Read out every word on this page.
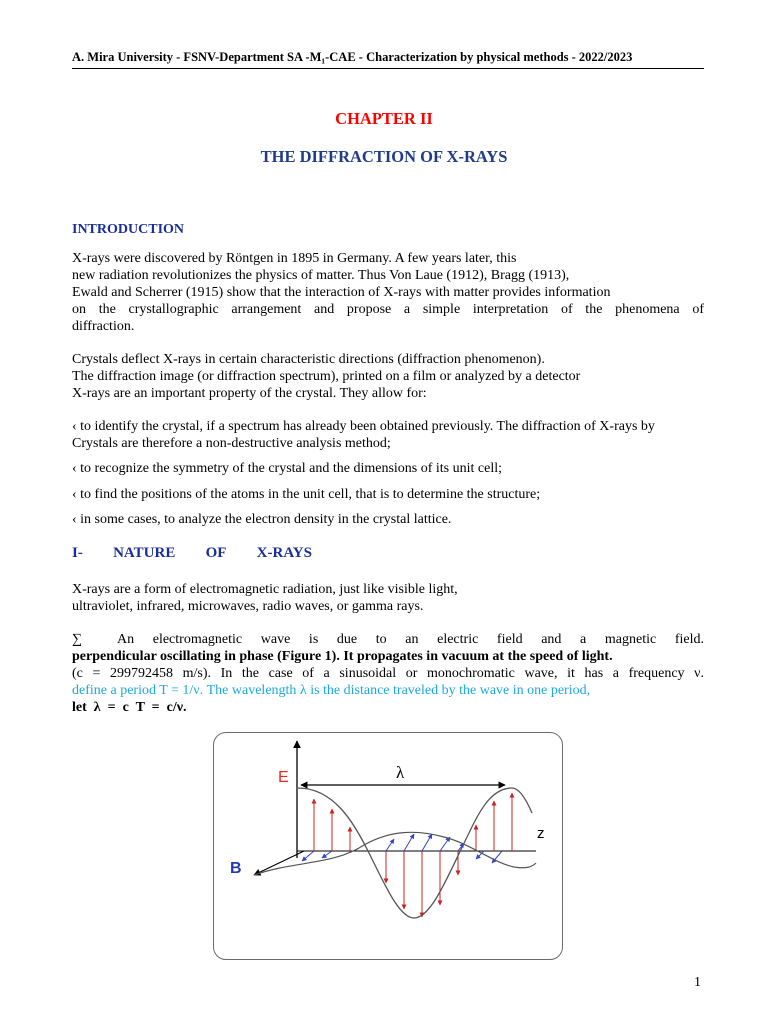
A. Mira University - FSNV-Department SA -M₁-CAE - Characterization by physical methods - 2022/2023
CHAPTER II
THE DIFFRACTION OF X-RAYS
INTRODUCTION
X-rays were discovered by Röntgen in 1895 in Germany. A few years later, this
new radiation revolutionizes the physics of matter. Thus Von Laue (1912), Bragg (1913),
Ewald and Scherrer (1915) show that the interaction of X-rays with matter provides information
on the crystallographic arrangement and propose a simple interpretation of the phenomena of
diffraction.
Crystals deflect X-rays in certain characteristic directions (diffraction phenomenon).
The diffraction image (or diffraction spectrum), printed on a film or analyzed by a detector
X-rays are an important property of the crystal. They allow for:
‹ to identify the crystal, if a spectrum has already been obtained previously. The diffraction of X-rays by
Crystals are therefore a non-destructive analysis method;
‹ to recognize the symmetry of the crystal and the dimensions of its unit cell;
‹ to find the positions of the atoms in the unit cell, that is to determine the structure;
‹ in some cases, to analyze the electron density in the crystal lattice.
I- NATURE OF X-RAYS
X-rays are a form of electromagnetic radiation, just like visible light,
ultraviolet, infrared, microwaves, radio waves, or gamma rays.
∑	An electromagnetic wave is due to an electric field and a magnetic field.
perpendicular oscillating in phase (Figure 1). It propagates in vacuum at the speed of light.
(c = 299792458 m/s). In the case of a sinusoidal or monochromatic wave, it has a frequency ν.
define a period T = 1/ν. The wavelength λ is the distance traveled by the wave in one period,
let  λ  =  c  T  =  c/ν.
E
B
z
λ
1
